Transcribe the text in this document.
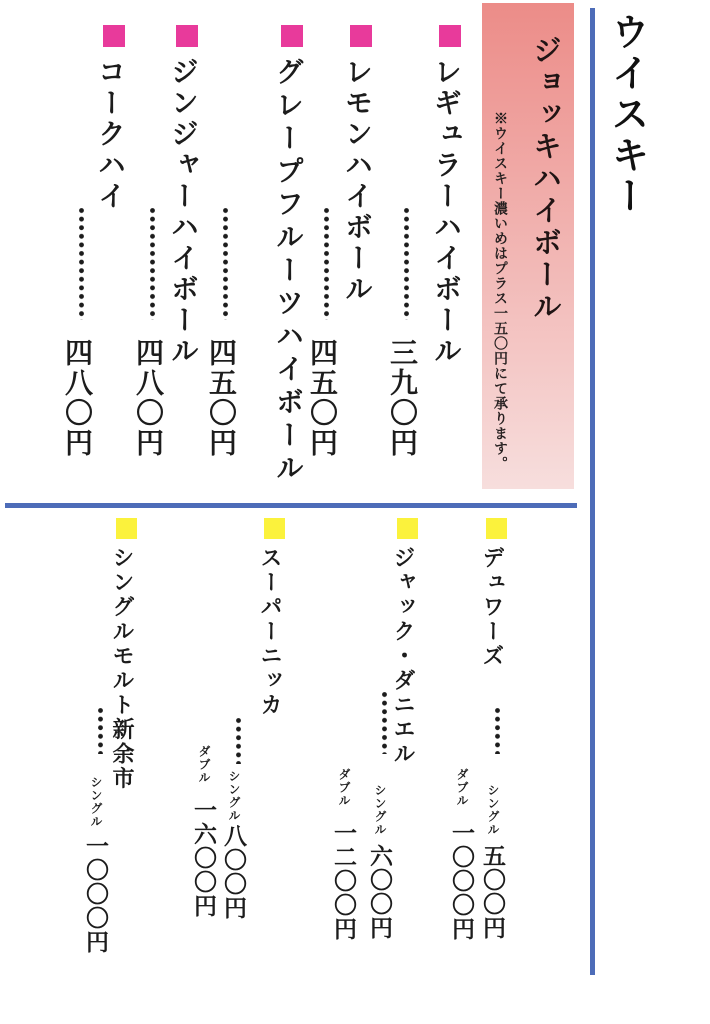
ウイスキー
ジョッキハイボール
※ウイスキー濃いめはプラス一五〇円にて承ります。
レギュラーハイボール
三九〇円
レモンハイボール
四五〇円
グレープフルーツハイボール
四五〇円
ジンジャーハイボール
四八〇円
コークハイ
四八〇円
デュワーズ
シングル五〇〇円
ダブル一〇〇〇円
ジャック・ダニエル
シングル六〇〇円
ダブル一二〇〇円
スーパーニッカ
シングル八〇〇円
ダブル一六〇〇円
シングルモルト新余市
シングル一〇〇〇円
